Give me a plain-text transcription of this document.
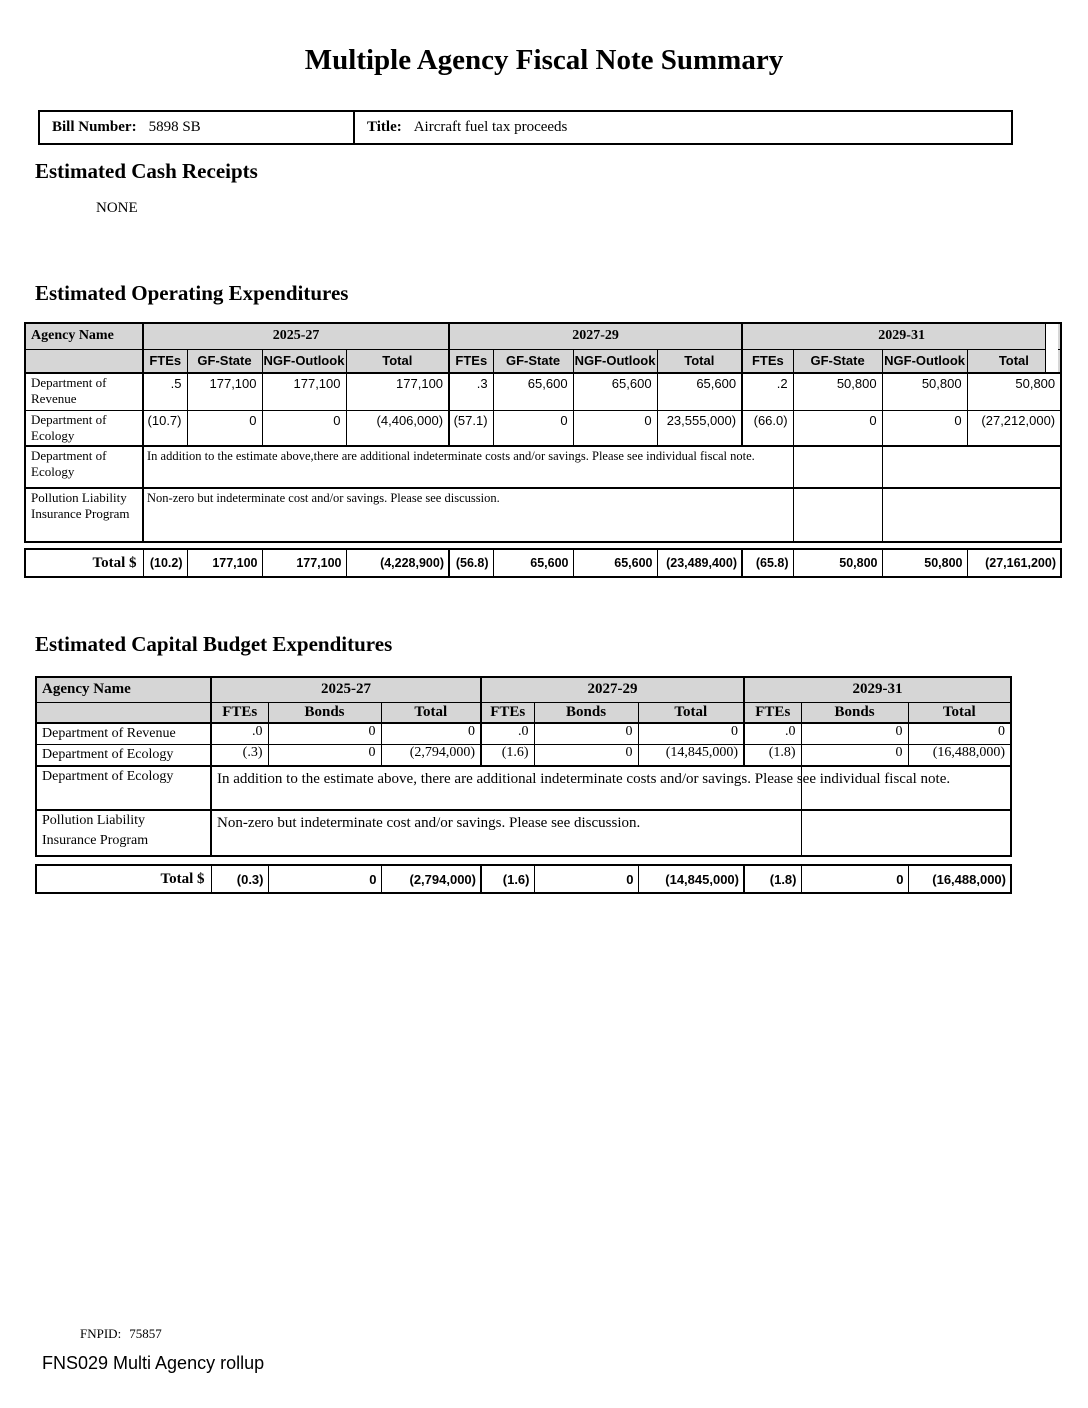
Multiple Agency Fiscal Note Summary
Bill Number: 5898 SB	Title: Aircraft fuel tax proceeds
Estimated Cash Receipts
NONE
Estimated Operating Expenditures
Agency Name	2025-27				2027-29				2029-31			

	FTEs	GF-State	NGF-Outlook	Total	FTEs	GF-State	NGF-Outlook	Total	FTEs	GF-State	NGF-Outlook	Total

Department of Revenue	.5	177,100	177,100	177,100	.3	65,600	65,600	65,600	.2	50,800	50,800	50,800
Department of Ecology	(10.7)	0	0	(4,406,000)	(57.1)	0	0	23,555,000)	(66.0)	0	0	(27,212,000)
Department of Ecology	In addition to the estimate above,there are additional indeterminate costs and/or savings. Please see individual fiscal note.											

Pollution Liability Insurance Program	Non-zero but indeterminate cost and/or savings. Please see discussion.											

Total $	(10.2)	177,100	177,100	(4,228,900)	(56.8)	65,600	65,600	(23,489,400)	(65.8)	50,800	50,800	(27,161,200)
Estimated Capital Budget Expenditures
Agency Name	2025-27			2027-29			2029-31		

	FTEs	Bonds	Total	FTEs	Bonds	Total	FTEs	Bonds	Total

Department of Revenue	.0	0	0	.0	0	0	.0	0	0
Department of Ecology	(.3)	0	(2,794,000)	(1.6)	0	(14,845,000)	(1.8)	0	(16,488,000)
Department of Ecology	In addition to the estimate above, there are additional indeterminate costs and/or savings. Please see individual fiscal note.								

Pollution Liability Insurance Program	Non-zero but indeterminate cost and/or savings. Please see discussion.								

Total $	(0.3)	0	(2,794,000)	(1.6)	0	(14,845,000)	(1.8)	0	(16,488,000)
FNPID: 75857
FNS029 Multi Agency rollup
